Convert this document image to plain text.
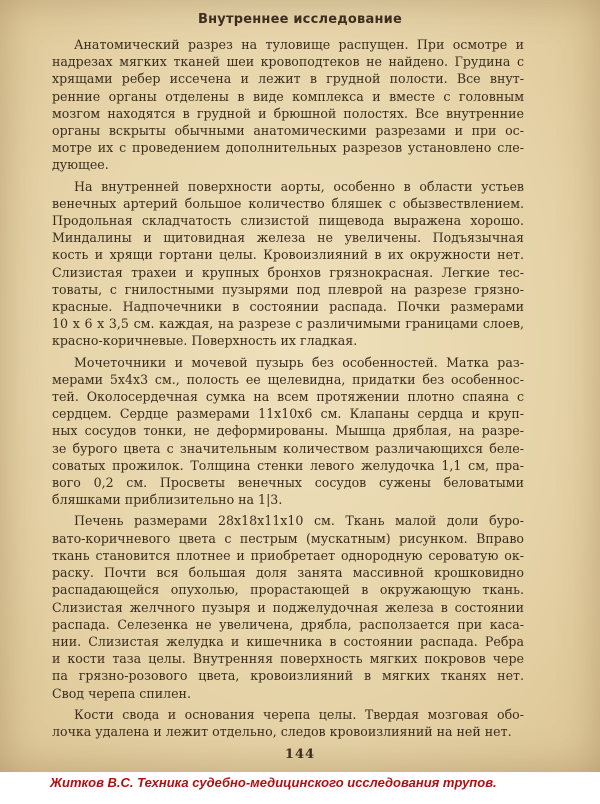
Внутреннее исследование
Анатомический разрез на туловище распущен. При осмотре и
надрезах мягких тканей шеи кровоподтеков не найдено. Грудина с
хрящами ребер иссечена и лежит в грудной полости. Все внут-
ренние органы отделены в виде комплекса и вместе с головным
мозгом находятся в грудной и брюшной полостях. Все внутренние
органы вскрыты обычными анатомическими разрезами и при ос-
мотре их с проведением дополнительных разрезов установлено сле-
дующее.
На внутренней поверхности аорты, особенно в области устьев
венечных артерий большое количество бляшек с обызвествлением.
Продольная складчатость слизистой пищевода выражена хорошо.
Миндалины и щитовидная железа не увеличены. Подъязычная
кость и хрящи гортани целы. Кровоизлияний в их окружности нет.
Слизистая трахеи и крупных бронхов грязнокрасная. Легкие тес-
товаты, с гнилостными пузырями под плеврой на разрезе грязно-
красные. Надпочечники в состоянии распада. Почки размерами
10 x 6 x 3,5 см. каждая, на разрезе с различимыми границами слоев,
красно-коричневые. Поверхность их гладкая.
Мочеточники и мочевой пузырь без особенностей. Матка раз-
мерами 5x4x3 см., полость ее щелевидна, придатки без особеннос-
тей. Околосердечная сумка на всем протяжении плотно спаяна с
сердцем. Сердце размерами 11x10x6 см. Клапаны сердца и круп-
ных сосудов тонки, не деформированы. Мышца дряблая, на разре-
зе бурого цвета с значительным количеством различающихся беле-
соватых прожилок. Толщина стенки левого желудочка 1,1 см, пра-
вого 0,2 см. Просветы венечных сосудов сужены беловатыми
бляшками приблизительно на 1|3.
Печень размерами 28x18x11x10 см. Ткань малой доли буро-
вато-коричневого цвета с пестрым (мускатным) рисунком. Вправо
ткань становится плотнее и приобретает однородную сероватую ок-
раску. Почти вся большая доля занята массивной крошковидно
распадающейся опухолью, прорастающей в окружающую ткань.
Слизистая желчного пузыря и поджелудочная железа в состоянии
распада. Селезенка не увеличена, дрябла, расползается при каса-
нии. Слизистая желудка и кишечника в состоянии распада. Ребра
и кости таза целы. Внутренняя поверхность мягких покровов чере
па грязно-розового цвета, кровоизлияний в мягких тканях нет.
Свод черепа спилен.
Кости свода и основания черепа целы. Твердая мозговая обо-
лочка удалена и лежит отдельно, следов кровоизлияний на ней нет.
144
Житков В.С. Техника судебно-медицинского исследования трупов.
